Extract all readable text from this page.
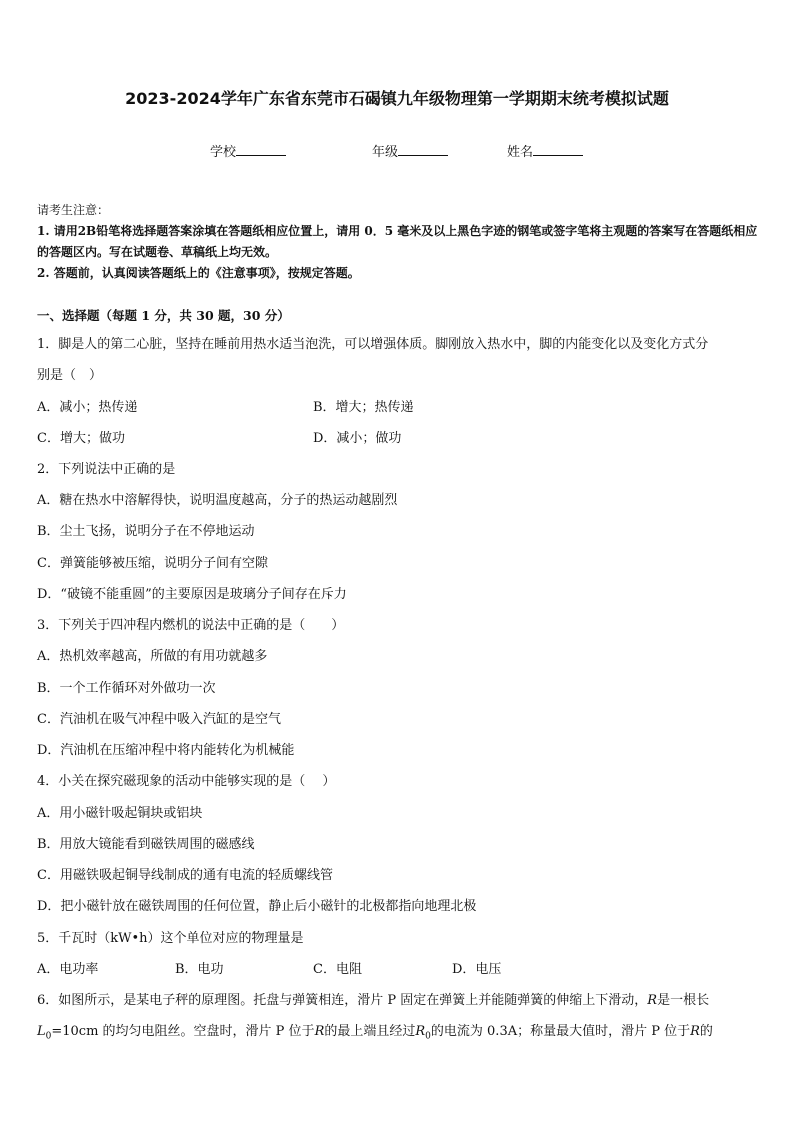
2023-2024学年广东省东莞市石碣镇九年级物理第一学期期末统考模拟试题
学校	年级	姓名
请考生注意：
1. 请用2B铅笔将选择题答案涂填在答题纸相应位置上，请用 0．5 毫米及以上黑色字迹的钢笔或签字笔将主观题的答案写在答题纸相应的答题区内。写在试题卷、草稿纸上均无效。
2. 答题前，认真阅读答题纸上的《注意事项》，按规定答题。
一、选择题（每题 1 分，共 30 题，30 分）
1．脚是人的第二心脏，坚持在睡前用热水适当泡洗，可以增强体质。脚刚放入热水中，脚的内能变化以及变化方式分
别是（　）
A．减小；热传递	B．增大；热传递
C．增大；做功	D．减小；做功
2．下列说法中正确的是
A．糖在热水中溶解得快，说明温度越高，分子的热运动越剧烈
B．尘土飞扬，说明分子在不停地运动
C．弹簧能够被压缩，说明分子间有空隙
D．“破镜不能重圆”的主要原因是玻璃分子间存在斥力
3．下列关于四冲程内燃机的说法中正确的是（　　）
A．热机效率越高，所做的有用功就越多
B．一个工作循环对外做功一次
C．汽油机在吸气冲程中吸入汽缸的是空气
D．汽油机在压缩冲程中将内能转化为机械能
4．小关在探究磁现象的活动中能够实现的是（　 ）
A．用小磁针吸起铜块或铝块
B．用放大镜能看到磁铁周围的磁感线
C．用磁铁吸起铜导线制成的通有电流的轻质螺线管
D．把小磁针放在磁铁周围的任何位置，静止后小磁针的北极都指向地理北极
5．千瓦时（kW•h）这个单位对应的物理量是
A．电功率	B．电功	C．电阻	D．电压
6．如图所示，是某电子秤的原理图。托盘与弹簧相连，滑片 P 固定在弹簧上并能随弹簧的伸缩上下滑动，R是一根长
$L_0=10cm$ 的均匀电阻丝。空盘时，滑片 P 位于R的最上端且经过$R_0$的电流为 0.3A；称量最大值时，滑片 P 位于R的
